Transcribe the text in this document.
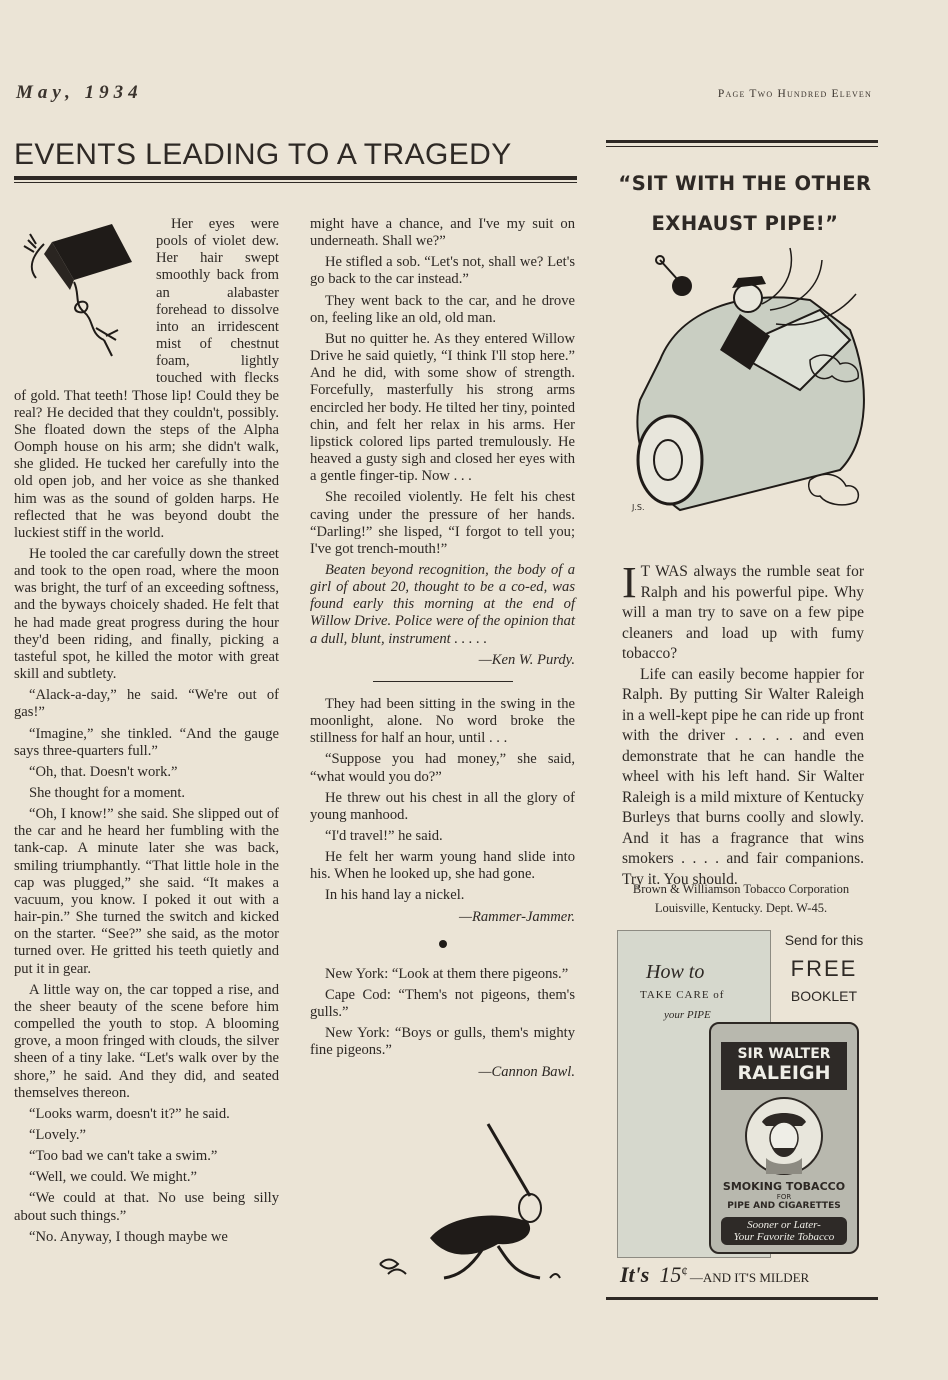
May, 1934	Page Two Hundred Eleven
EVENTS LEADING TO A TRAGEDY

Her eyes were pools of violet dew. Her hair swept smoothly back from an alabaster forehead to dissolve into an irridescent mist of chestnut foam, lightly touched with flecks of gold. That teeth! Those lip! Could they be real? He decided that they couldn't, possibly. She floated down the steps of the Alpha Oomph house on his arm; she didn't walk, she glided. He tucked her carefully into the old open job, and her voice as she thanked him was as the sound of golden harps. He reflected that he was beyond doubt the luckiest stiff in the world.

He tooled the car carefully down the street and took to the open road, where the moon was bright, the turf of an exceeding softness, and the byways choicely shaded. He felt that he had made great progress during the hour they'd been riding, and finally, picking a tasteful spot, he killed the motor with great skill and subtlety.

“Alack-a-day,” he said. “We're out of gas!”

“Imagine,” she tinkled. “And the gauge says three-quarters full.”

“Oh, that. Doesn't work.”

She thought for a moment.

“Oh, I know!” she said. She slipped out of the car and he heard her fumbling with the tank-cap. A minute later she was back, smiling triumphantly. “That little hole in the cap was plugged,” she said. “It makes a vacuum, you know. I poked it out with a hair-pin.” She turned the switch and kicked on the starter. “See?” she said, as the motor turned over. He gritted his teeth quietly and put it in gear.

A little way on, the car topped a rise, and the sheer beauty of the scene before him compelled the youth to stop. A blooming grove, a moon fringed with clouds, the silver sheen of a tiny lake. “Let's walk over by the shore,” he said. And they did, and seated themselves thereon.

“Looks warm, doesn't it?” he said.

“Lovely.”

“Too bad we can't take a swim.”

“Well, we could. We might.”

“We could at that. No use being silly about such things.”

“No. Anyway, I though maybe we

might have a chance, and I've my suit on underneath. Shall we?”

He stifled a sob. “Let's not, shall we? Let's go back to the car instead.”

They went back to the car, and he drove on, feeling like an old, old man.

But no quitter he. As they entered Willow Drive he said quietly, “I think I'll stop here.” And he did, with some show of strength. Forcefully, masterfully his strong arms encircled her body. He tilted her tiny, pointed chin, and felt her relax in his arms. Her lipstick colored lips parted tremulously. He heaved a gusty sigh and closed her eyes with a gentle finger-tip. Now . . .

She recoiled violently. He felt his chest caving under the pressure of her hands. “Darling!” she lisped, “I forgot to tell you; I've got trench-mouth!”

Beaten beyond recognition, the body of a girl of about 20, thought to be a co-ed, was found early this morning at the end of Willow Drive. Police were of the opinion that a dull, blunt, instrument . . . . .

—Ken W. Purdy.

They had been sitting in the swing in the moonlight, alone. No word broke the stillness for half an hour, until . . .

“Suppose you had money,” she said, “what would you do?”

He threw out his chest in all the glory of young manhood.

“I'd travel!” he said.

He felt her warm young hand slide into his. When he looked up, she had gone.

In his hand lay a nickel.

—Rammer-Jammer.

New York: “Look at them there pigeons.”

Cape Cod: “Them's not pigeons, them's gulls.”

New York: “Boys or gulls, them's mighty fine pigeons.”

—Cannon Bawl.

“SIT WITH THE OTHER
EXHAUST PIPE!”
J.S.

I T WAS always the rumble seat for Ralph and his powerful pipe. Why will a man try to save on a few pipe cleaners and load up with fumy tobacco?

Life can easily become happier for Ralph. By putting Sir Walter Raleigh in a well-kept pipe he can ride up front with the driver . . . . . and even demonstrate that he can handle the wheel with his left hand. Sir Walter Raleigh is a mild mixture of Kentucky Burleys that burns coolly and slowly. And it has a fragrance that wins smokers . . . . and fair companions. Try it. You should.

Brown & Williamson Tobacco Corporation
Louisville, Kentucky. Dept. W-45.
How to
TAKE CARE of
your PIPE
Send for this
FREE
BOOKLET
SIR WALTER
RALEIGH
SMOKING TOBACCO
FOR
PIPE AND CIGARETTES
Sooner or Later-
Your Favorite Tobacco
It's 15¢ —AND IT'S MILDER
